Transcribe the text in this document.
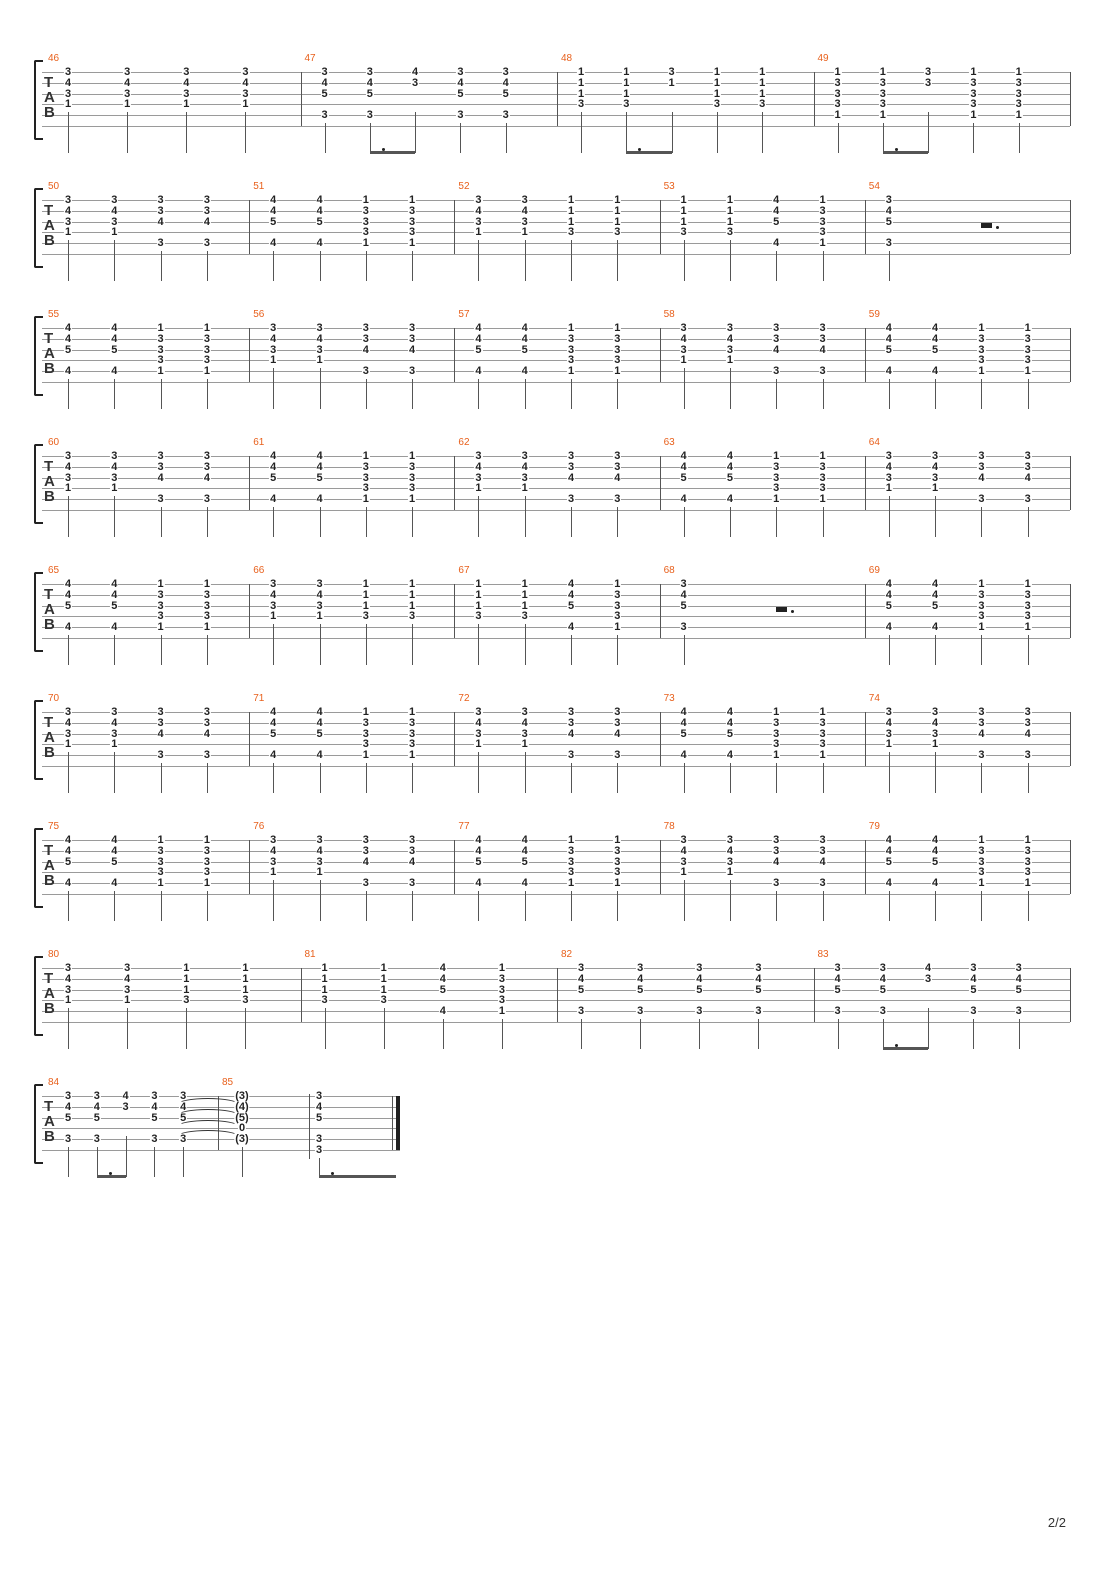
T
A
B
46
3
4
3
1
3
4
3
1
3
4
3
1
3
4
3
1
47
3
4
5
3
3
4
5
3
4
3
3
4
5
3
3
4
5
3
48
1
1
1
3
1
1
1
3
3
1
1
1
1
3
1
1
1
3
49
1
3
3
3
1
1
3
3
3
1
3
3
1
3
3
3
1
1
3
3
3
1
T
A
B
50
3
4
3
1
3
4
3
1
3
3
4
3
3
3
4
3
51
4
4
5
4
4
4
5
4
1
3
3
3
1
1
3
3
3
1
52
3
4
3
1
3
4
3
1
1
1
1
3
1
1
1
3
53
1
1
1
3
1
1
1
3
4
4
5
4
1
3
3
3
1
54
3
4
5
3
T
A
B
55
4
4
5
4
4
4
5
4
1
3
3
3
1
1
3
3
3
1
56
3
4
3
1
3
4
3
1
3
3
4
3
3
3
4
3
57
4
4
5
4
4
4
5
4
1
3
3
3
1
1
3
3
3
1
58
3
4
3
1
3
4
3
1
3
3
4
3
3
3
4
3
59
4
4
5
4
4
4
5
4
1
3
3
3
1
1
3
3
3
1
T
A
B
60
3
4
3
1
3
4
3
1
3
3
4
3
3
3
4
3
61
4
4
5
4
4
4
5
4
1
3
3
3
1
1
3
3
3
1
62
3
4
3
1
3
4
3
1
3
3
4
3
3
3
4
3
63
4
4
5
4
4
4
5
4
1
3
3
3
1
1
3
3
3
1
64
3
4
3
1
3
4
3
1
3
3
4
3
3
3
4
3
T
A
B
65
4
4
5
4
4
4
5
4
1
3
3
3
1
1
3
3
3
1
66
3
4
3
1
3
4
3
1
1
1
1
3
1
1
1
3
67
1
1
1
3
1
1
1
3
4
4
5
4
1
3
3
3
1
68
3
4
5
3
69
4
4
5
4
4
4
5
4
1
3
3
3
1
1
3
3
3
1
T
A
B
70
3
4
3
1
3
4
3
1
3
3
4
3
3
3
4
3
71
4
4
5
4
4
4
5
4
1
3
3
3
1
1
3
3
3
1
72
3
4
3
1
3
4
3
1
3
3
4
3
3
3
4
3
73
4
4
5
4
4
4
5
4
1
3
3
3
1
1
3
3
3
1
74
3
4
3
1
3
4
3
1
3
3
4
3
3
3
4
3
T
A
B
75
4
4
5
4
4
4
5
4
1
3
3
3
1
1
3
3
3
1
76
3
4
3
1
3
4
3
1
3
3
4
3
3
3
4
3
77
4
4
5
4
4
4
5
4
1
3
3
3
1
1
3
3
3
1
78
3
4
3
1
3
4
3
1
3
3
4
3
3
3
4
3
79
4
4
5
4
4
4
5
4
1
3
3
3
1
1
3
3
3
1
T
A
B
80
3
4
3
1
3
4
3
1
1
1
1
3
1
1
1
3
81
1
1
1
3
1
1
1
3
4
4
5
4
1
3
3
3
1
82
3
4
5
3
3
4
5
3
3
4
5
3
3
4
5
3
83
3
4
5
3
3
4
5
3
4
3
3
4
5
3
3
4
5
3
T
A
B
84
3
4
5
3
3
4
5
3
4
3
3
4
5
3
3
4
5
3
85
(3)
(4)
(5)
0
(3)
3
4
5
3
3
2/2
